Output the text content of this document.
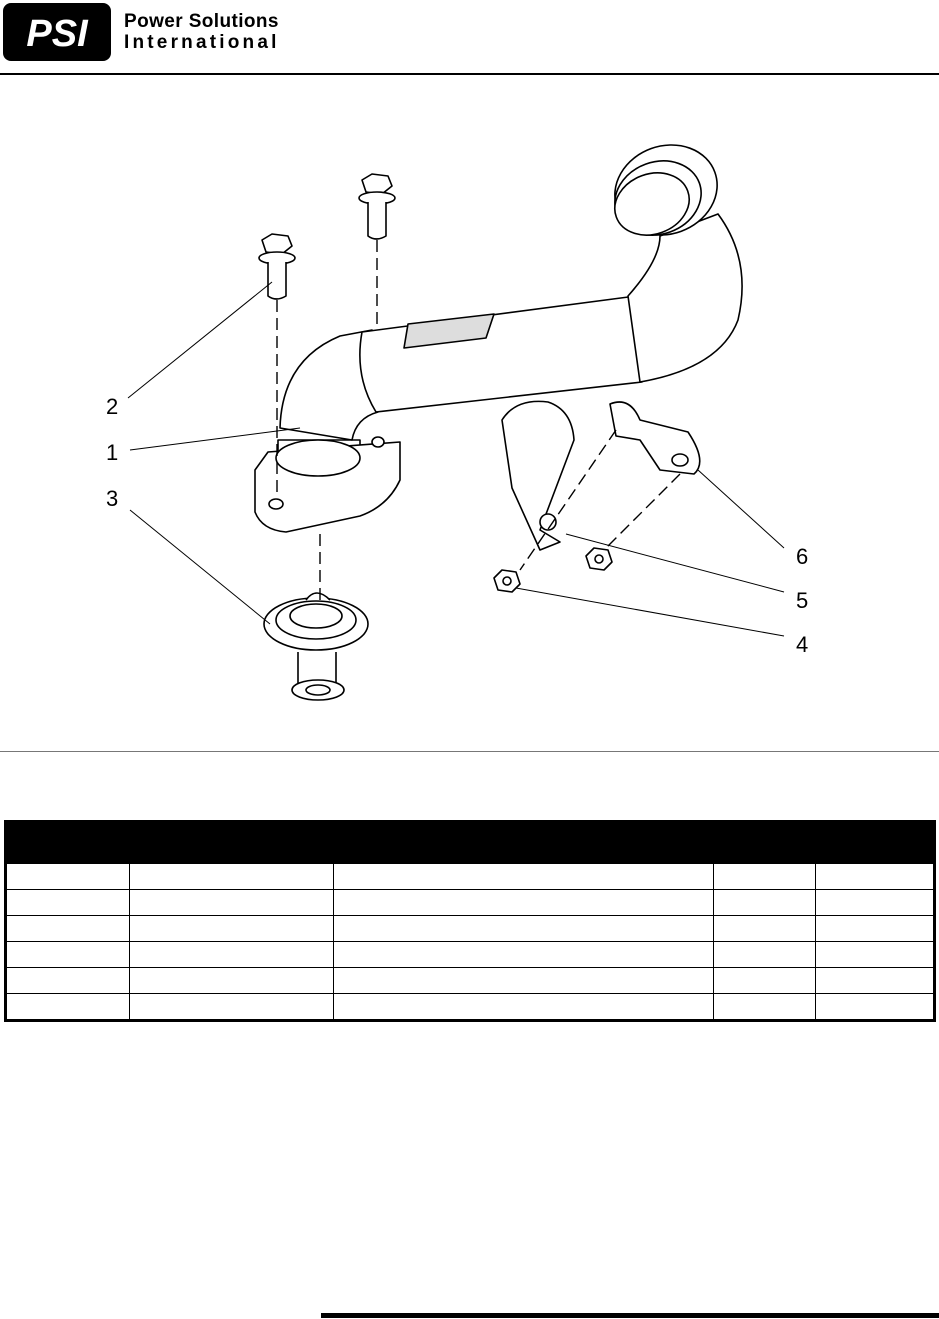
PSI Power Solutions
International
1
2
3
4
5
6
